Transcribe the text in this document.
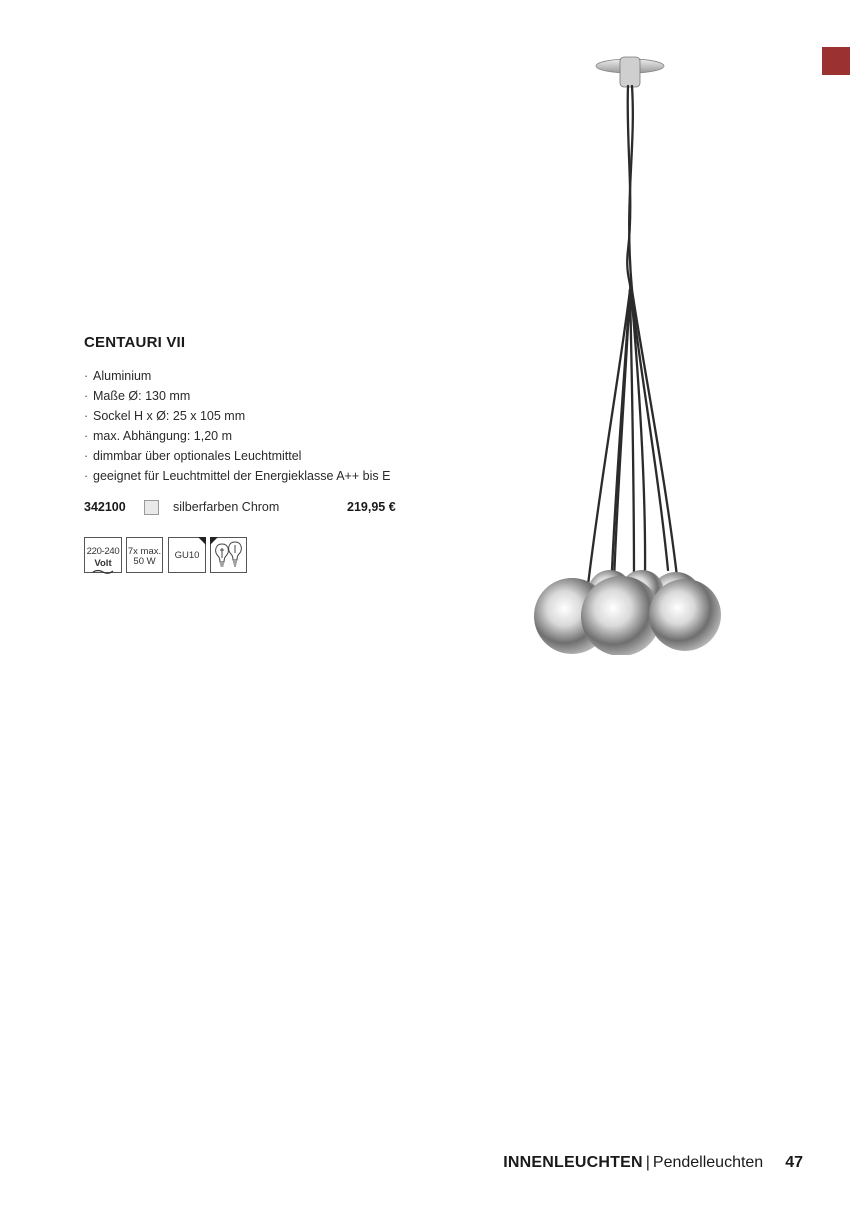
CENTAURI VII
· Aluminium
· Maße Ø: 130 mm
· Sockel H x Ø: 25 x 105 mm
· max. Abhängung: 1,20 m
· dimmbar über optionales Leuchtmittel
· geeignet für Leuchtmittel der Energieklasse A++ bis E
342100	silberfarben Chrom	219,95 €
220-240
Volt
7x max.
50 W
GU10
INNENLEUCHTEN | Pendelleuchten 47
